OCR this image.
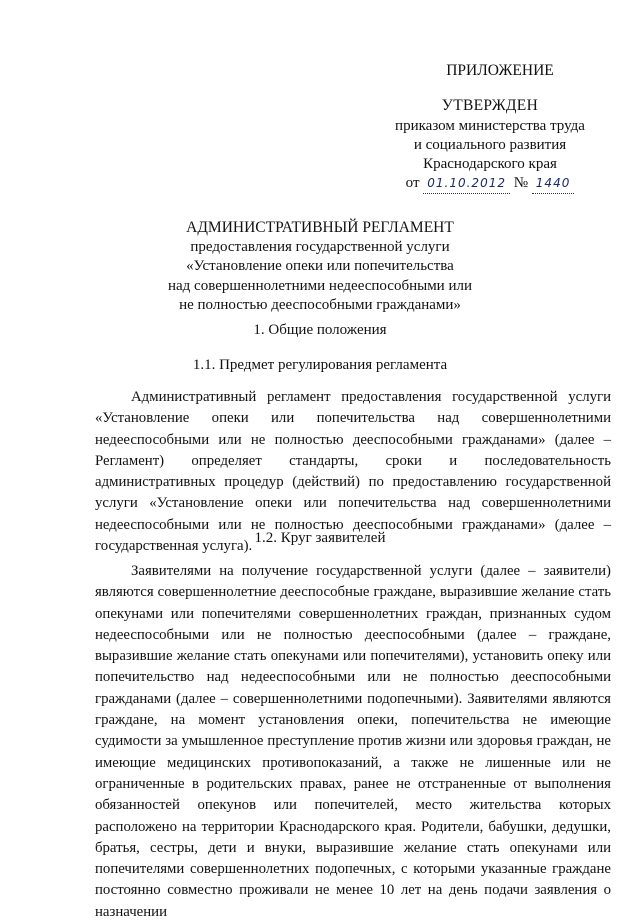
ПРИЛОЖЕНИЕ
УТВЕРЖДЕН
приказом министерства труда
и социального развития
Краснодарского края
от 01.10.2012 № 1440
АДМИНИСТРАТИВНЫЙ РЕГЛАМЕНТ
предоставления государственной услуги
«Установление опеки или попечительства
над совершеннолетними недееспособными или
не полностью дееспособными гражданами»
1. Общие положения
1.1. Предмет регулирования регламента
Административный регламент предоставления государственной услуги «Установление опеки или попечительства над совершеннолетними недееспособными или не полностью дееспособными гражданами» (далее – Регламент) определяет стандарты, сроки и последовательность административных процедур (действий) по предоставлению государственной услуги «Установление опеки или попечительства над совершеннолетними недееспособными или не полностью дееспособными гражданами» (далее – государственная услуга).
1.2. Круг заявителей
Заявителями на получение государственной услуги (далее – заявители) являются совершеннолетние дееспособные граждане, выразившие желание стать опекунами или попечителями совершеннолетних граждан, признанных судом недееспособными или не полностью дееспособными (далее – граждане, выразившие желание стать опекунами или попечителями), установить опеку или попечительство над недееспособными или не полностью дееспособными гражданами (далее – совершеннолетними подопечными). Заявителями являются граждане, на момент установления опеки, попечительства не имеющие судимости за умышленное преступление против жизни или здоровья граждан, не имеющие медицинских противопоказаний, а также не лишенные или не ограниченные в родительских правах, ранее не отстраненные от выполнения обязанностей опекунов или попечителей, место жительства которых расположено на территории Краснодарского края. Родители, бабушки, дедушки, братья, сестры, дети и внуки, выразившие желание стать опекунами или попечителями совершеннолетних подопечных, с которыми указанные граждане постоянно совместно проживали не менее 10 лет на день подачи заявления о назначении
